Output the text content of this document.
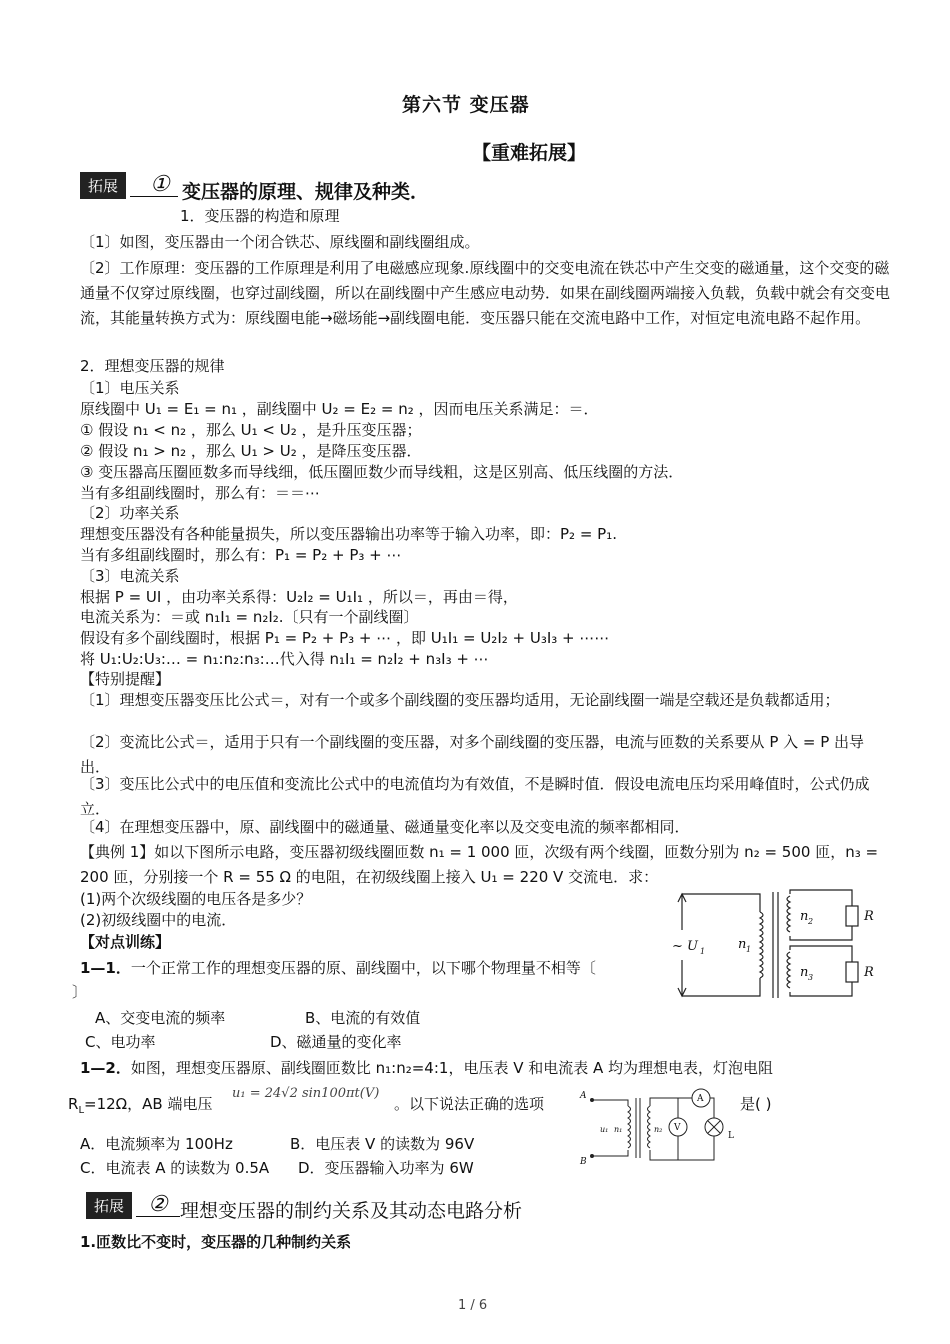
第六节 变压器
【重难拓展】
拓展	① 变压器的原理、规律及种类．
1．变压器的构造和原理
〔1〕如图，变压器由一个闭合铁芯、原线圈和副线圈组成。
〔2〕工作原理：变压器的工作原理是利用了电磁感应现象.原线圈中的交变电流在铁芯中产生交变的磁通量，这个交变的磁通量不仅穿过原线圈，也穿过副线圈，所以在副线圈中产生感应电动势．如果在副线圈两端接入负载，负载中就会有交变电流，其能量转换方式为：原线圈电能→磁场能→副线圈电能．变压器只能在交流电路中工作，对恒定电流电路不起作用。
2．理想变压器的规律
〔1〕电压关系
原线圈中 U₁ = E₁ = n₁ ，副线圈中 U₂ = E₂ = n₂ ，因而电压关系满足：＝．
① 假设 n₁ < n₂ ，那么 U₁ < U₂ ，是升压变压器；
② 假设 n₁ > n₂ ，那么 U₁ > U₂ ，是降压变压器．
③ 变压器高压圈匝数多而导线细，低压圈匝数少而导线粗，这是区别高、低压线圈的方法．
当有多组副线圈时，那么有：＝＝⋯
〔2〕功率关系
理想变压器没有各种能量损失，所以变压器输出功率等于输入功率，即：P₂ = P₁.
当有多组副线圈时，那么有：P₁ = P₂ + P₃ + ⋯
〔3〕电流关系
根据 P = UI ，由功率关系得：U₂I₂ = U₁I₁ ，所以＝，再由＝得，
电流关系为：＝或 n₁I₁ = n₂I₂.〔只有一个副线圈〕
假设有多个副线圈时，根据 P₁ = P₂ + P₃ + ⋯ ，即 U₁I₁ = U₂I₂ + U₃I₃ + ⋯⋯
将 U₁:U₂:U₃:… = n₁:n₂:n₃:…代入得 n₁I₁ = n₂I₂ + n₃I₃ + ⋯
【特别提醒】
〔1〕理想变压器变压比公式＝，对有一个或多个副线圈的变压器均适用，无论副线圈一端是空载还是负载都适用；
〔2〕变流比公式＝，适用于只有一个副线圈的变压器，对多个副线圈的变压器，电流与匝数的关系要从 P 入 = P 出导出．
〔3〕变压比公式中的电压值和变流比公式中的电流值均为有效值，不是瞬时值．假设电流电压均采用峰值时，公式仍成立．
〔4〕在理想变压器中，原、副线圈中的磁通量、磁通量变化率以及交变电流的频率都相同．
【典例 1】如以下图所示电路，变压器初级线圈匝数 n₁ = 1 000 匝，次级有两个线圈，匝数分别为 n₂ = 500 匝，n₃ = 200 匝，分别接一个 R = 55 Ω 的电阻，在初级线圈上接入 U₁ = 220 V 交流电．求：
(1)两个次级线圈的电压各是多少？
(2)初级线圈中的电流．
【对点训练】
1—1．一个正常工作的理想变压器的原、副线圈中，以下哪个物理量不相等〔
〕
A、交变电流的频率	B、电流的有效值
C、电功率	D、磁通量的变化率
1—2．如图，理想变压器原、副线圈匝数比 n₁:n₂=4:1，电压表 V 和电流表 A 均为理想电表，灯泡电阻
$R_L=12\Omega$，AB 端电压
u₁ = 24√2 sin100πt(V)
。以下说法正确的选项	是( )
A．电流频率为 100Hz	B．电压表 V 的读数为 96V
C．电流表 A 的读数为 0.5A D．变压器输入功率为 6W
拓展	② 理想变压器的制约关系及其动态电路分析
1.匝数比不变时，变压器的几种制约关系
~ U 1	n 1
n 2
n 3
R
R
A
B
V
A
L
u₁ n₁	n₂
1 / 6
